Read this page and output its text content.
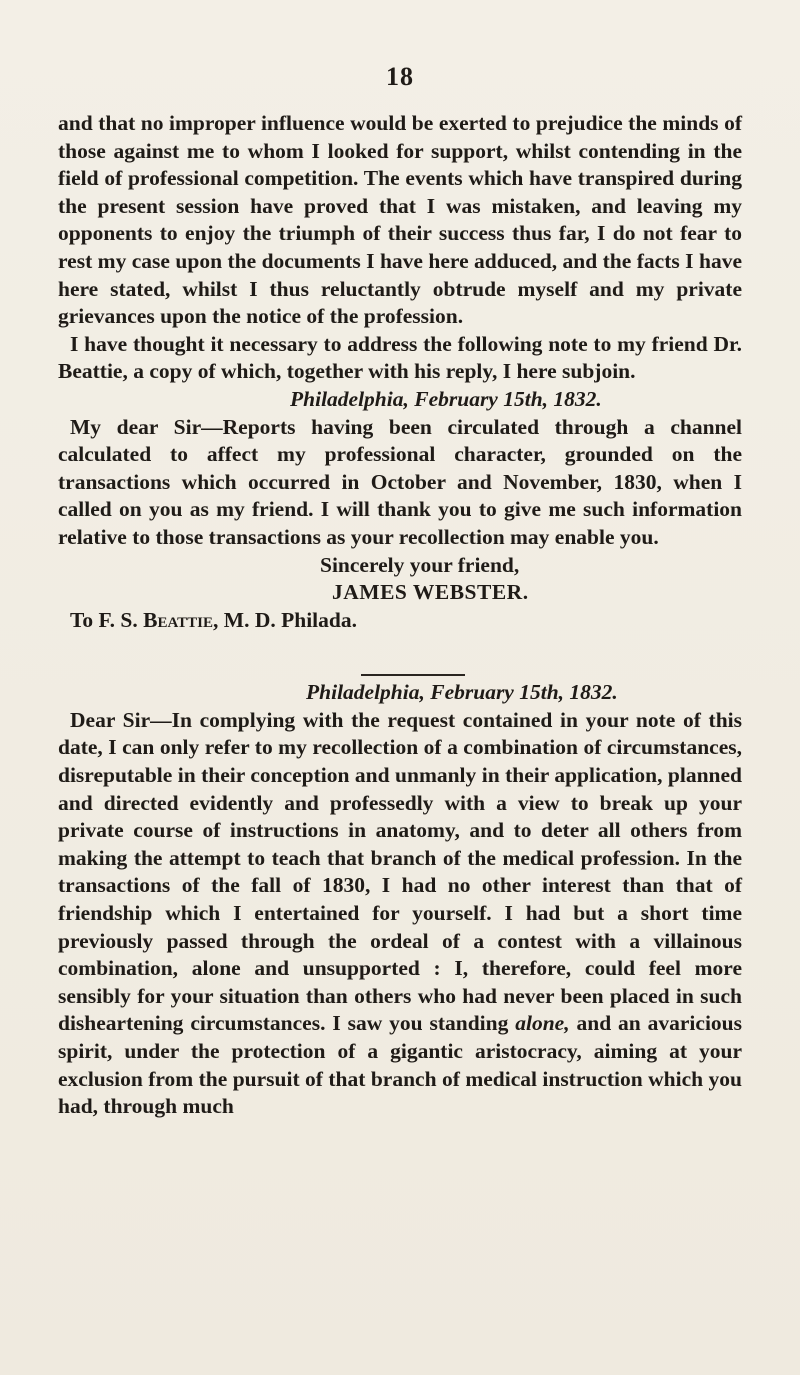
18

and that no improper influence would be exerted to prejudice the minds of those against me to whom I looked for support, whilst contending in the field of professional competition. The events which have transpired during the present session have proved that I was mistaken, and leaving my opponents to enjoy the triumph of their success thus far, I do not fear to rest my case upon the documents I have here adduced, and the facts I have here stated, whilst I thus reluctantly obtrude myself and my private grievances upon the notice of the profession.

I have thought it necessary to address the following note to my friend Dr. Beattie, a copy of which, together with his reply, I here subjoin.

Philadelphia, February 15th, 1832.

My dear Sir—Reports having been circulated through a channel calculated to affect my professional character, grounded on the transactions which occurred in October and November, 1830, when I called on you as my friend. I will thank you to give me such information relative to those transactions as your recollection may enable you.

Sincerely your friend,

JAMES WEBSTER.

To F. S. Beattie, M. D. Philada.

Philadelphia, February 15th, 1832.

Dear Sir—In complying with the request contained in your note of this date, I can only refer to my recollection of a combination of circumstances, disreputable in their conception and unmanly in their application, planned and directed evidently and professedly with a view to break up your private course of instructions in anatomy, and to deter all others from making the attempt to teach that branch of the medical profession. In the transactions of the fall of 1830, I had no other interest than that of friendship which I entertained for yourself. I had but a short time previously passed through the ordeal of a contest with a villainous combination, alone and unsupported : I, therefore, could feel more sensibly for your situation than others who had never been placed in such disheartening circumstances. I saw you standing alone, and an avaricious spirit, under the protection of a gigantic aristocracy, aiming at your exclusion from the pursuit of that branch of medical instruction which you had, through much
